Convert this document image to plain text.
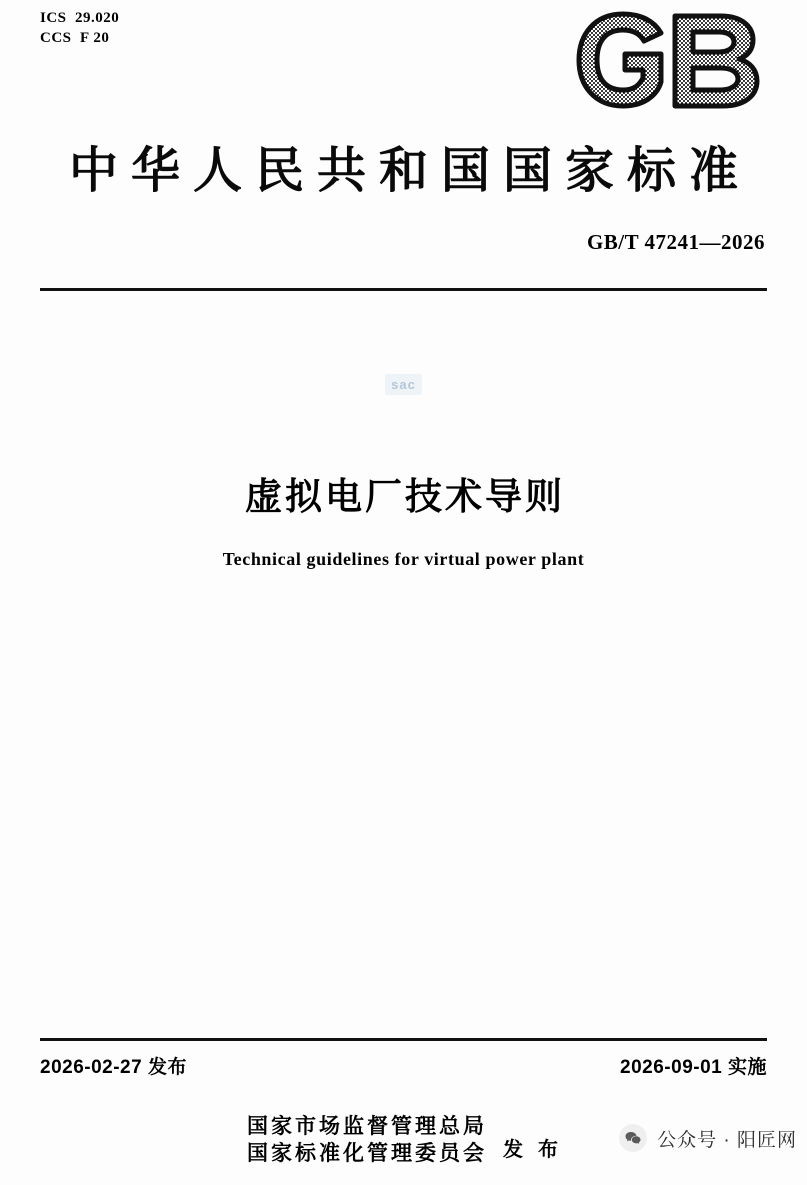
ICS  29.020
CCS  F 20
中华人民共和国国家标准
GB/T 47241—2026
sac
虚拟电厂技术导则
Technical guidelines for virtual power plant
2026-02-27 发布	2026-09-01 实施
国家市场监督管理总局
国家标准化管理委员会 发 布	公众号 · 阳匠网
